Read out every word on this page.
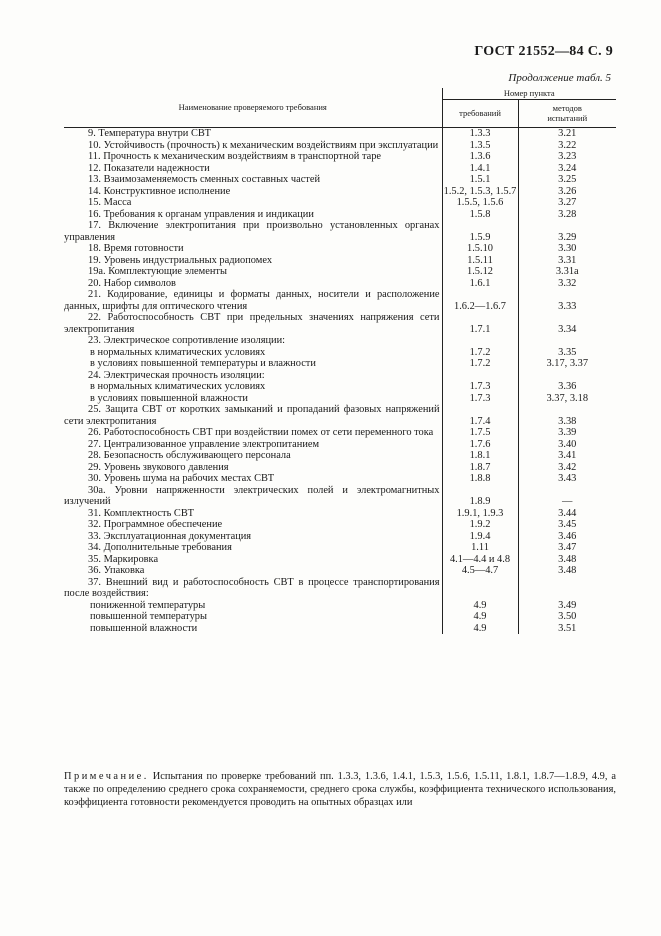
ГОСТ 21552—84 С. 9
Продолжение табл. 5
Наименование проверяемого требования	Номер пункта	
	требований	методов
испытаний
9. Температура внутри СВТ	1.3.3	3.21
10. Устойчивость (прочность) к механическим воздействиям при эксплуатации	1.3.5	3.22
11. Прочность к механическим воздействиям в транспортной таре	1.3.6	3.23
12. Показатели надежности	1.4.1	3.24
13. Взаимозаменяемость сменных составных частей	1.5.1	3.25
14. Конструктивное исполнение	1.5.2, 1.5.3, 1.5.7	3.26
15. Масса	1.5.5, 1.5.6	3.27
16. Требования к органам управления и индикации	1.5.8	3.28
17. Включение электропитания при произвольно установленных органах управления	1.5.9	3.29
18. Время готовности	1.5.10	3.30
19. Уровень индустриальных радиопомех	1.5.11	3.31
19а. Комплектующие элементы	1.5.12	3.31а
20. Набор символов	1.6.1	3.32
21. Кодирование, единицы и форматы данных, носители и расположение данных, шрифты для оптического чтения	1.6.2—1.6.7	3.33
22. Работоспособность СВТ при предельных значениях напряжения сети электропитания	1.7.1	3.34
23. Электрическое сопротивление изоляции:		
в нормальных климатических условиях	1.7.2	3.35
в условиях повышенной температуры и влажности	1.7.2	3.17, 3.37
24. Электрическая прочность изоляции:		
в нормальных климатических условиях	1.7.3	3.36
в условиях повышенной влажности	1.7.3	3.37, 3.18
25. Защита СВТ от коротких замыканий и пропаданий фазовых напряжений сети электропитания	1.7.4	3.38
26. Работоспособность СВТ при воздействии помех от сети переменного тока	1.7.5	3.39
27. Централизованное управление электропитанием	1.7.6	3.40
28. Безопасность обслуживающего персонала	1.8.1	3.41
29. Уровень звукового давления	1.8.7	3.42
30. Уровень шума на рабочих местах СВТ	1.8.8	3.43
30а. Уровни напряженности электрических полей и электромагнитных излучений	1.8.9	—
31. Комплектность СВТ	1.9.1, 1.9.3	3.44
32. Программное обеспечение	1.9.2	3.45
33. Эксплуатационная документация	1.9.4	3.46
34. Дополнительные требования	1.11	3.47
35. Маркировка	4.1—4.4 и 4.8	3.48
36. Упаковка	4.5—4.7	3.48
37. Внешний вид и работоспособность СВТ в процессе транспортирования после воздействия:		
пониженной температуры	4.9	3.49
повышенной температуры	4.9	3.50
повышенной влажности	4.9	3.51
Примечание. Испытания по проверке требований пп. 1.3.3, 1.3.6, 1.4.1, 1.5.3, 1.5.6, 1.5.11, 1.8.1, 1.8.7—1.8.9, 4.9, а также по определению среднего срока сохраняемости, среднего срока службы, коэффициента технического использования, коэффициента готовности рекомендуется проводить на опытных образцах или
